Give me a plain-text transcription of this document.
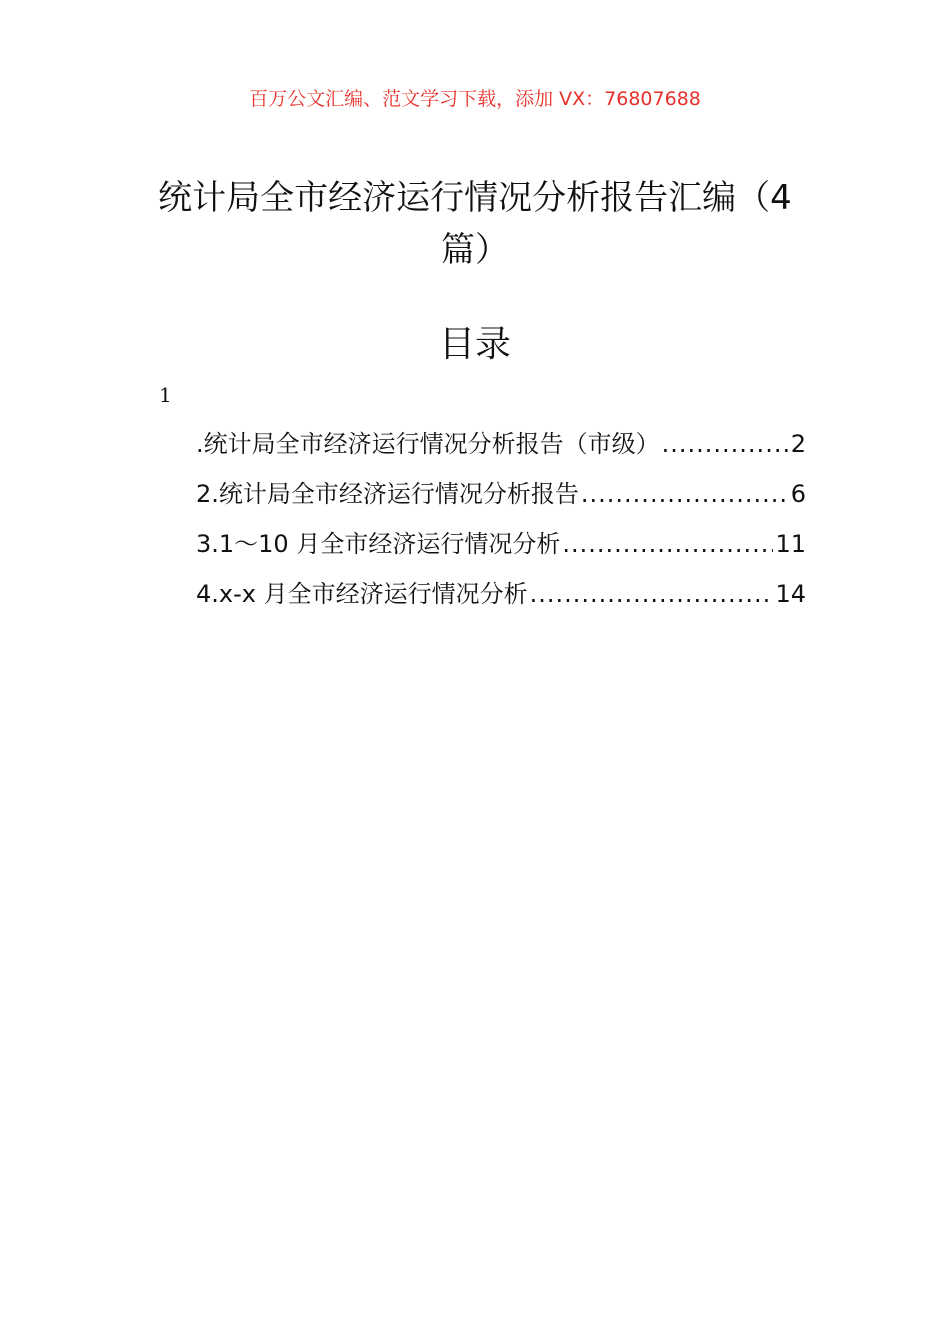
百万公文汇编、范文学习下载，添加 VX：76807688
统计局全市经济运行情况分析报告汇编（4
篇）
目录
1
.统计局全市经济运行情况分析报告（市级） .....	2
2.统计局全市经济运行情况分析报告 .....	6
3.1～10 月全市经济运行情况分析 .....	11
4.x-x 月全市经济运行情况分析 .....	14
